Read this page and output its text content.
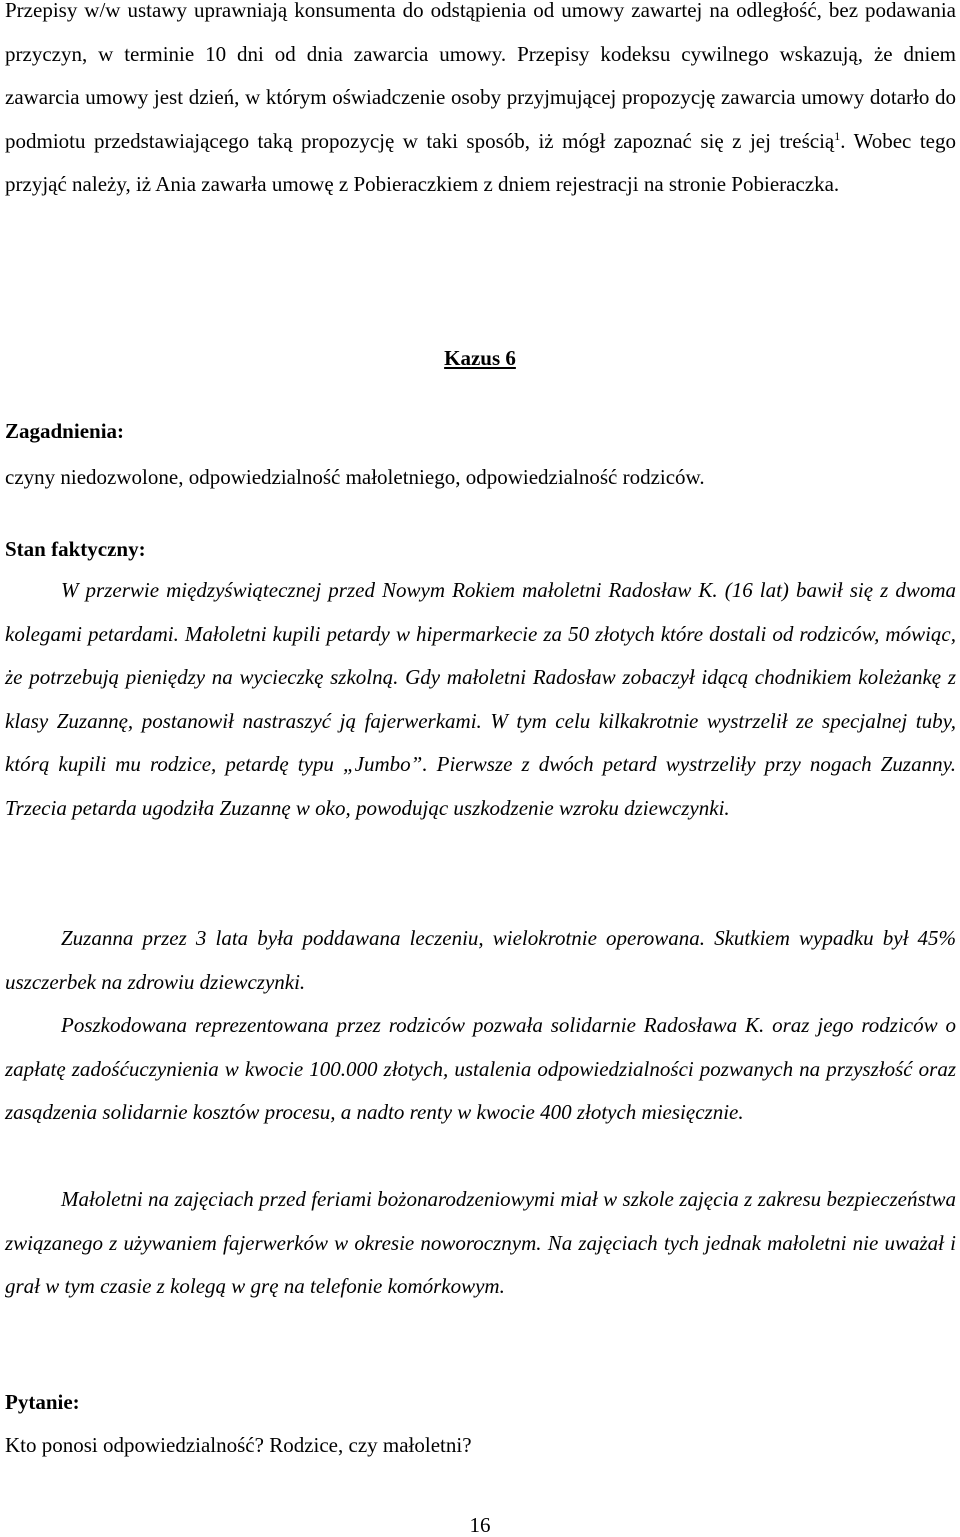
Przepisy w/w ustawy uprawniają konsumenta do odstąpienia od umowy zawartej na odległość, bez podawania przyczyn, w terminie 10 dni od dnia zawarcia umowy. Przepisy kodeksu cywilnego wskazują, że dniem zawarcia umowy jest dzień, w którym oświadczenie osoby przyjmującej propozycję zawarcia umowy dotarło do podmiotu przedstawiającego taką propozycję w taki sposób, iż mógł zapoznać się z jej treścią$^1$. Wobec tego przyjąć należy, iż Ania zawarła umowę z Pobieraczkiem z dniem rejestracji na stronie Pobieraczka.

Kazus 6
Zagadnienia:

czyny niedozwolone, odpowiedzialność małoletniego, odpowiedzialność rodziców.

Stan faktyczny:

W przerwie międzyświątecznej przed Nowym Rokiem małoletni Radosław K. (16 lat) bawił się z dwoma kolegami petardami. Małoletni kupili petardy w hipermarkecie za 50 złotych które dostali od rodziców, mówiąc, że potrzebują pieniędzy na wycieczkę szkolną. Gdy małoletni Radosław zobaczył idącą chodnikiem koleżankę z klasy Zuzannę, postanowił nastraszyć ją fajerwerkami. W tym celu kilkakrotnie wystrzelił ze specjalnej tuby, którą kupili mu rodzice, petardę typu „Jumbo”. Pierwsze z dwóch petard wystrzeliły przy nogach Zuzanny. Trzecia petarda ugodziła Zuzannę w oko, powodując uszkodzenie wzroku dziewczynki.

Zuzanna przez 3 lata była poddawana leczeniu, wielokrotnie operowana. Skutkiem wypadku był 45% uszczerbek na zdrowiu dziewczynki.

Poszkodowana reprezentowana przez rodziców pozwała solidarnie Radosława K. oraz jego rodziców o zapłatę zadośćuczynienia w kwocie 100.000 złotych, ustalenia odpowiedzialności pozwanych na przyszłość oraz zasądzenia solidarnie kosztów procesu, a nadto renty w kwocie 400 złotych miesięcznie.

Małoletni na zajęciach przed feriami bożonarodzeniowymi miał w szkole zajęcia z zakresu bezpieczeństwa związanego z używaniem fajerwerków w okresie noworocznym. Na zajęciach tych jednak małoletni nie uważał i grał w tym czasie z kolegą w grę na telefonie komórkowym.

Pytanie:

Kto ponosi odpowiedzialność? Rodzice, czy małoletni?

16
